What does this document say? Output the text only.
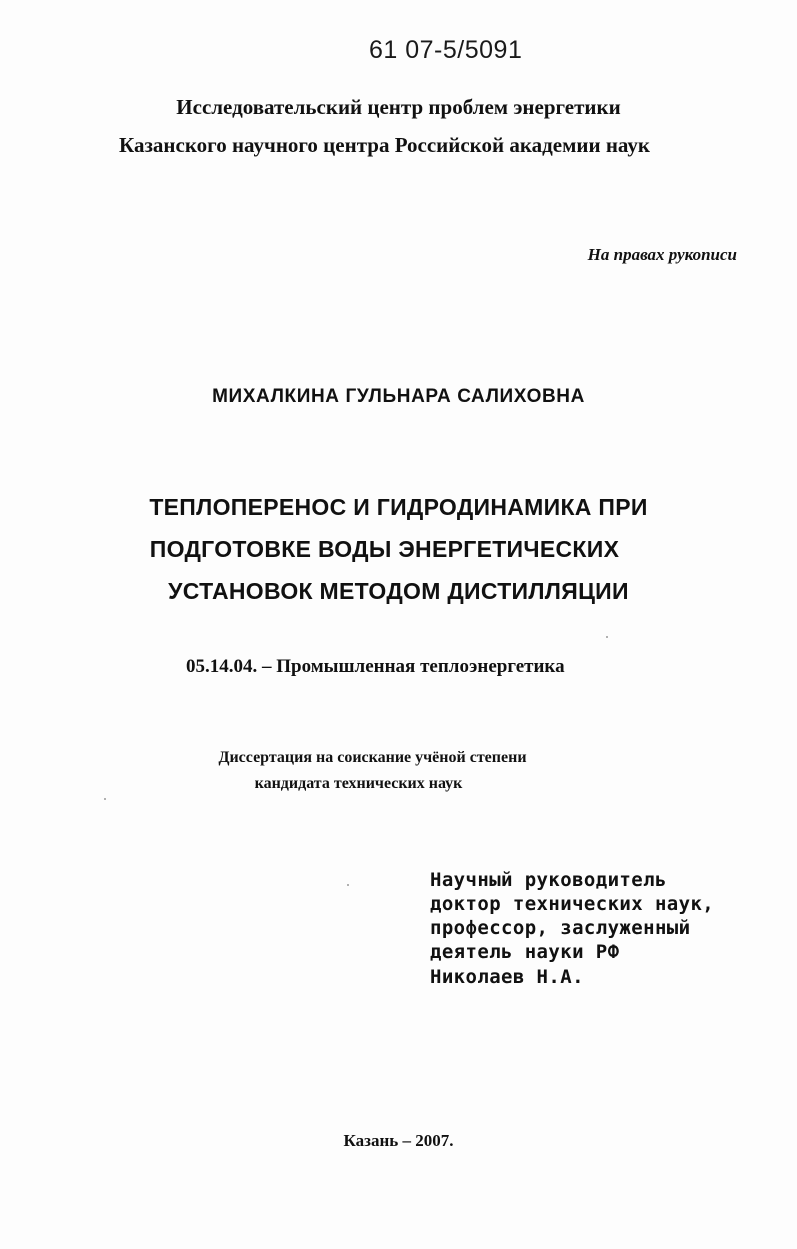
61 07-5/5091
Исследовательский центр проблем энергетики
Казанского научного центра Российской академии наук
На правах рукописи
МИХАЛКИНА ГУЛЬНАРА САЛИХОВНА
ТЕПЛОПЕРЕНОС И ГИДРОДИНАМИКА ПРИ
ПОДГОТОВКЕ ВОДЫ ЭНЕРГЕТИЧЕСКИХ
УСТАНОВОК МЕТОДОМ ДИСТИЛЛЯЦИИ
05.14.04. – Промышленная теплоэнергетика
Диссертация на соискание учёной степени
кандидата технических наук
Научный руководитель
доктор технических наук,
профессор, заслуженный
деятель науки РФ
Николаев Н.А.
Казань – 2007.
